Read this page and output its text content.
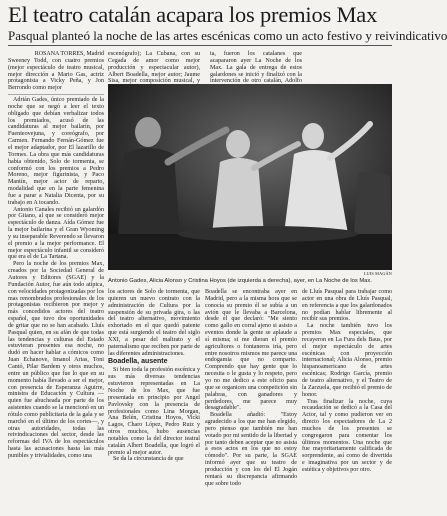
El teatro catalán acapara los premios Max
Pasqual planteó la noche de las artes escénicas como un acto festivo y reivindicativo
ROSANA TORRES, Madrid

Sweeney Todd, con cuatro premios (mejor espectáculo de teatro musical, mejor dirección a Mario Gas, actriz protagonista a Vicky Peña, y Jon Berrondo como mejor

Adrián Gades, único premiado de la noche que se negó a leer el texto obligado que debían verbalizar todos los premiados, acusó de las candidaturas al mejor bailarín, por Fuenteovejuna, y coreógrafo, por Carmen. Fernando Fernán-Gómez fue el mejor adaptador, por El lazarillo de Tormes. La obra que más candidaturas había obtenido, Solo de tormenta, se conformó con los premios a Pedro Moreno, mejor figurinista, y Paco Mantín, mejor actor de reparto, modalidad que en la parte femenina fue a parar a Natalia Dicenta, por su trabajo en A tocando.

Antonio Canales recibió un galardón por Gitano, al que se consideró mejor espectáculo de danza. Aída Gómez fue la mejor bailarina y el Gran Wyoming y su inseparable Reverendo se llevaron el premio a la mejor performance. El mejor espectáculo infantil se consideró que era el de La Tartana.

Pero la noche de los premios Max, creados por la Sociedad General de Autores y Editores (SGAE) y la Fundación Autor, fue aún todo atípica, con velocidades protagonizadas por los mas renombrados profesionales de los protagonistas recibieron por mejor y más concedidos actores del teatro español, que tuvo dos oportunidades de gritar que no se han acabado. Lluís Pasqual quien, en su afán de que todas las tendencias y culturas del Estado estuvieran presentes esa noche, no dudó en hacer hablar a cómicos como Juan Echanove, Imanol Arias, Toni Cantó, Pilar Bardem y otros muchos, entre un público que fue lo que en su momento había llevado a ser el mejor, con presencia de Esperanza Aguirre, ministra de Educación y Cultura —quien fue abucheada por parte de los asistentes cuando se la mencionó en un rótulo como publicitaria de la gala y se marchó en el último de los cortes—, y otras autoridades, todas las reivindicaciones del sector, desde las reformas del IVA de los espectáculos hasta las acusaciones hasta las más punibles y trivialidades, como una

escenógrafo); La Cubana, con su Cegada de amor como mejor producción y espectacular autor), Albert Boadella, mejor autor; Jaume Sisa, mejor composición musical, y

ta, fueron los catalanes que acapararon ayer La Noche de los Max. La gala de entrega de estos galardones se inició y finalizó con la intervención de otro catalán, Adolfo

LUIS MAGÁN
Antonio Gades, Alicia Alonso y Cristina Hoyos (de izquierda a derecha), ayer, en La Noche de los Max.

los actores de Solo de tormenta, que quieren un nuevo contrato con la administración de Cultura por la suspensión de su privada gira, o las del teatro alternativo, movimiento exhortado en el que quedó patente que está surgiendo el teatro del siglo XXI, a pesar del maltrato y el paternalismo que reciben por parte de las diferentes administraciones.

Boadella, ausente

Si bien toda la profesión escénica y sus más diversas tendencias estuvieron representadas en La Noche de los Max, que fue presentada en principio por Angel Pavlovsky con la presencia de profesionales como Lina Morgan, Ana Belén, Cristina Hoyos, Vicki Lagos, Charo López, Pedro Ruiz y otros muchos, hubo ausencias notables como la del director teatral catalán Albert Boadella, que logró el premio al mejor autor.

Se da la circunstancia de que

Boadella se encontraba ayer en Madrid, pero a la misma hora que se conocía su premio él se subía a un avión que le llevaba a Barcelona, desde el que declaró: "Me siento como gallo en corral ajeno si asisto a eventos donde la gente se aplaude a sí misma; si me dieran el premio agricultores o fontaneros iría, pero entre nosotros mismos me parece una endogamia que no comparto. Comprendo que hay gente que lo necesita o le gusta y lo respeto, pero yo no me dedico a este oficio para que se organicen una competición sin palabras, con ganadores y perdedores, me parece muy desagradable".

Boadella añadió: "Estoy agradecido a los que me han elegido, pero pienso que también me han votado por mi sentido de la libertad y por tanto deben aceptar que no asista a esos actos en los que no estoy cómodo". Por su parte, la SGAE informó ayer que su teatro de producción y con los del El Jogán rentará su discrepancia afirmando que sobre todo

de Lluís Pasqual para trabajar como actor en una obra de Lluís Pasqual, en referencia a que los galardonados no podían hablar libremente al recibir sus premios.

La noche también tuvo los premios Max especiales, que recayeron en La Fura dels Baus, por el mejor espectáculo de artes escénicas con proyección internacional; Alicia Alonso, premio hispanoamericano de artes escénicas; Rodrigo García, premio de teatro alternativo, y el Teatro de la Zarzuela, que recibió el premio de honor.

Tras finalizar la noche, cuya recaudación se dedicó a la Casa del Actor, tal y como pudieron ver en directo los espectadores de La 2 muchos de los presentes se congregaron para comentar los últimos momentos. Una noche que fue mayoritariamente calificada de sorprendente, así como de divertida e imaginativa por un sector y de estética y objetivos por otro.
